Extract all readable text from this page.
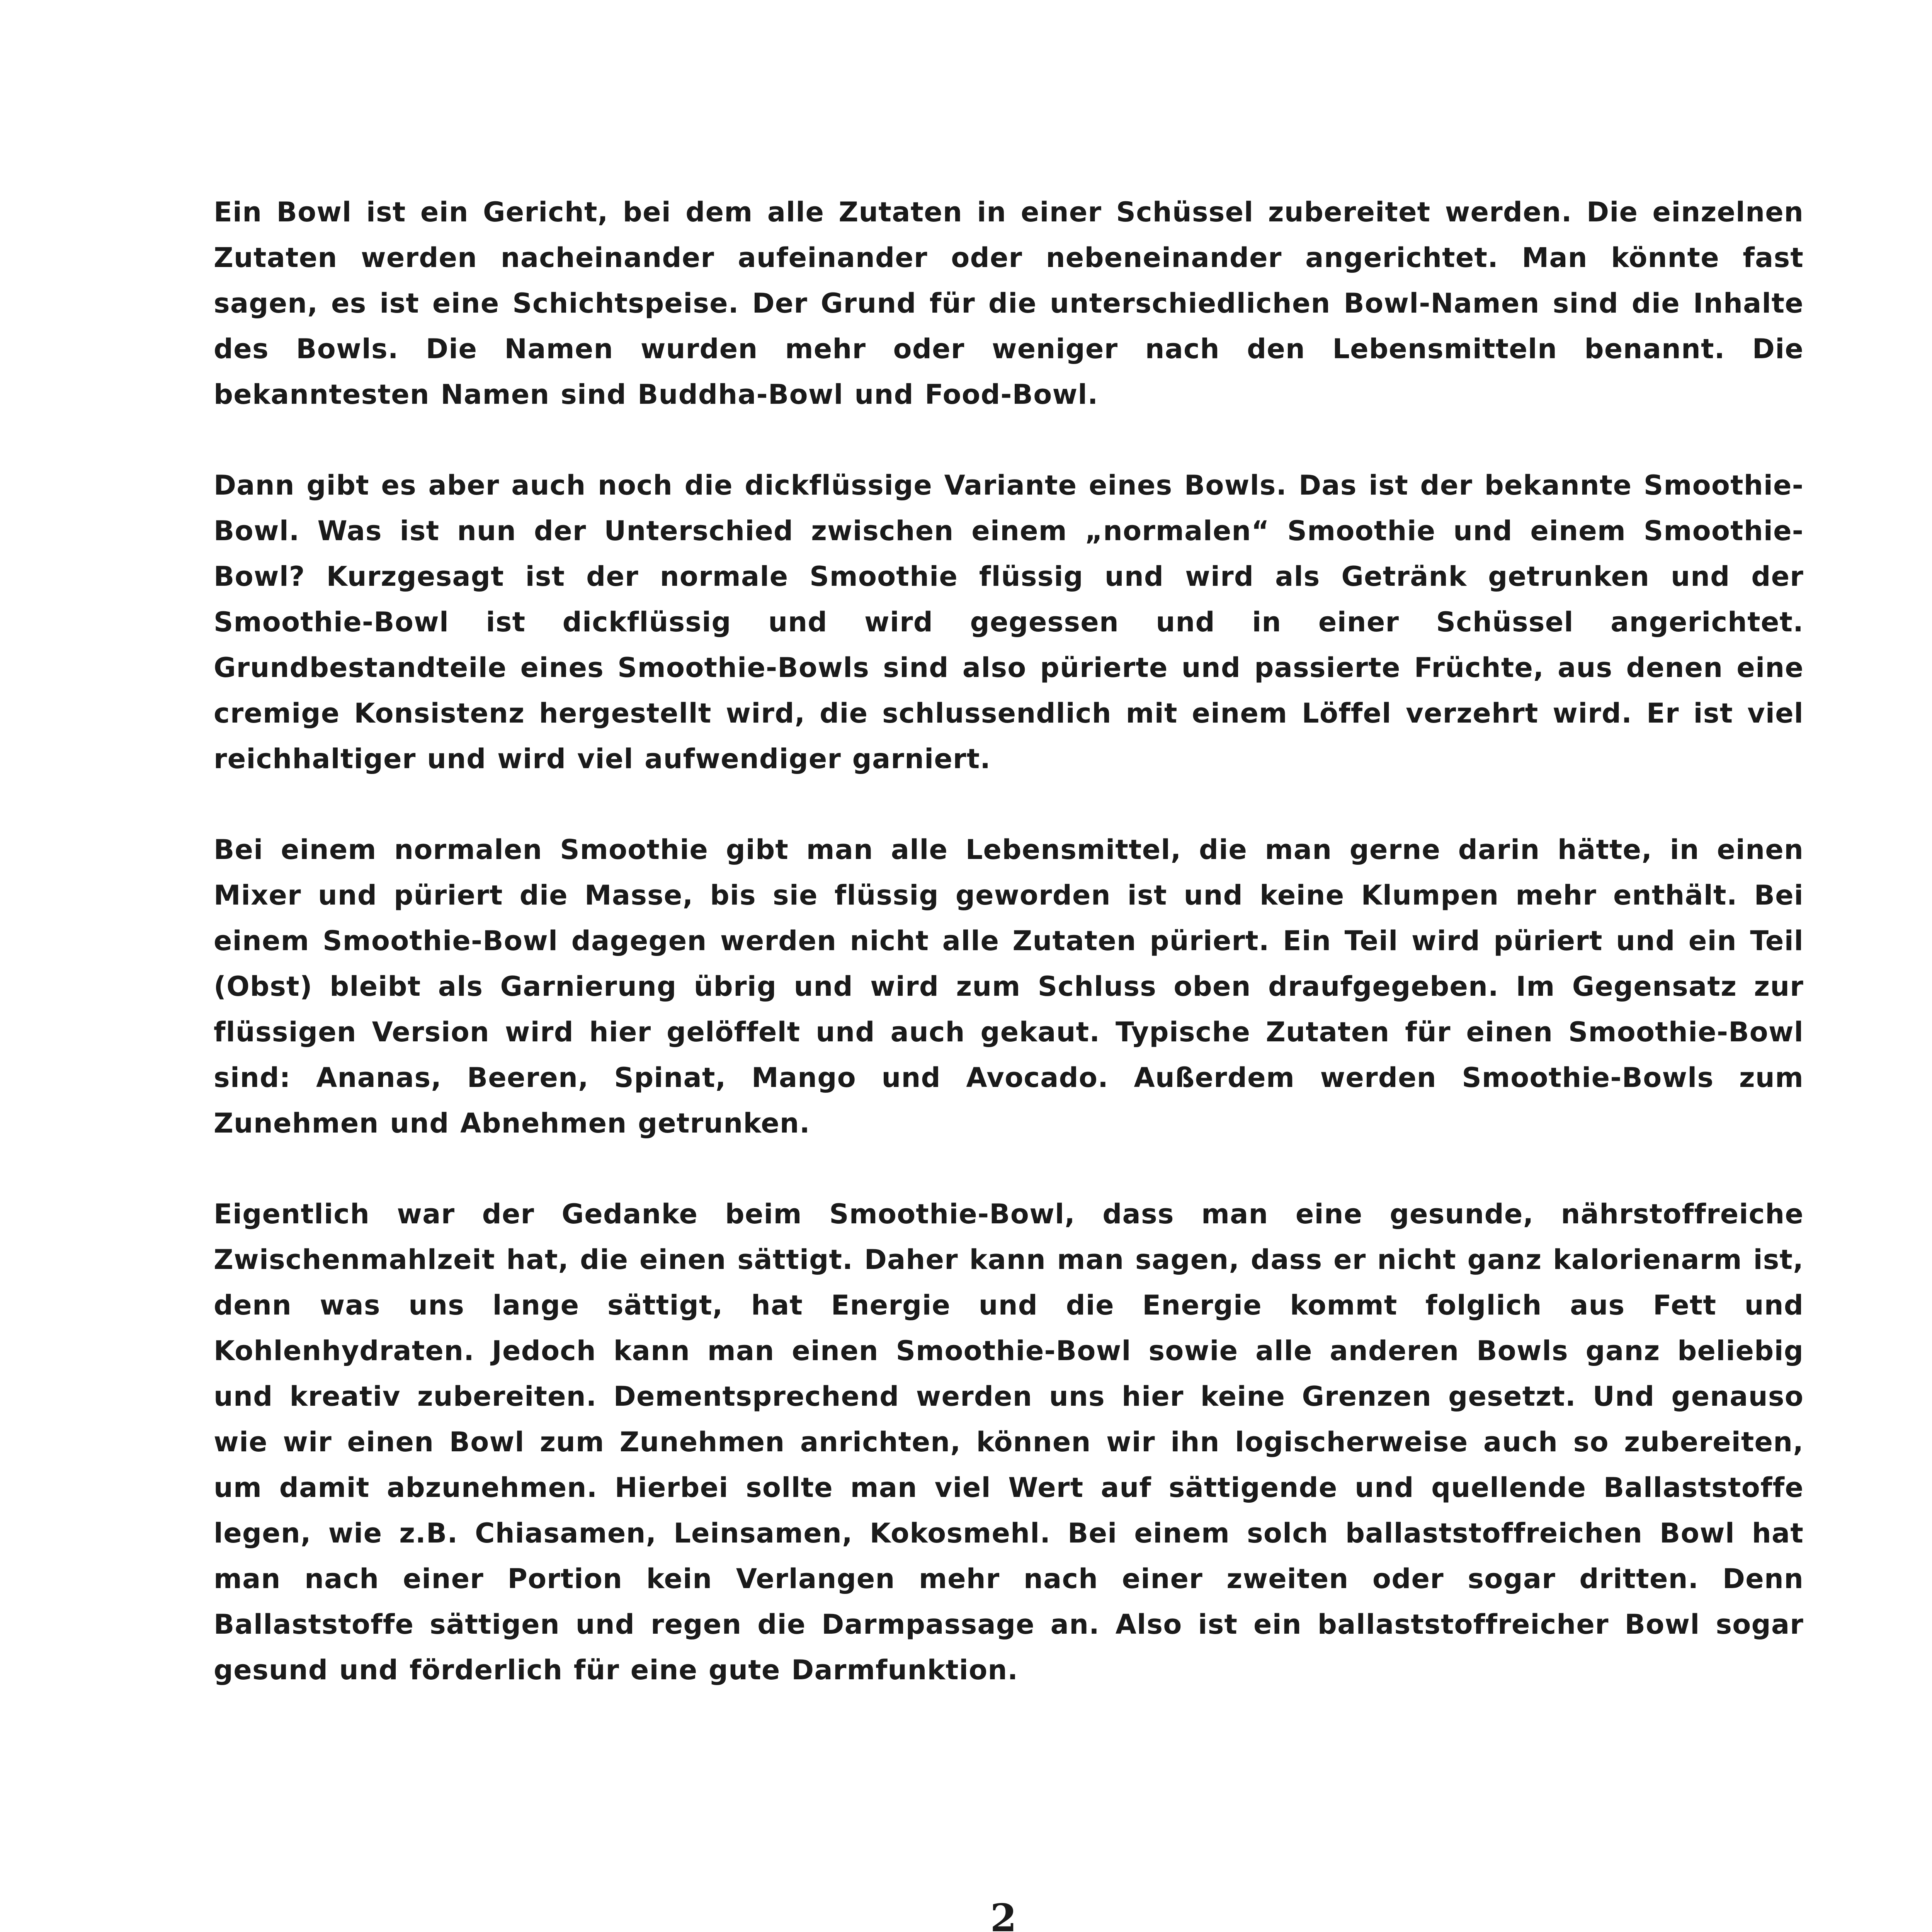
Ein Bowl ist ein Gericht, bei dem alle Zutaten in einer Schüssel zubereitet werden. Die einzelnen Zutaten werden nacheinander aufeinander oder nebeneinander angerichtet. Man könnte fast sagen, es ist eine Schichtspeise. Der Grund für die unterschiedlichen Bowl-Namen sind die Inhalte des Bowls. Die Namen wurden mehr oder weniger nach den Lebensmitteln benannt. Die bekanntesten Namen sind Buddha-Bowl und Food-Bowl.

Dann gibt es aber auch noch die dickflüssige Variante eines Bowls. Das ist der bekannte Smoothie-Bowl. Was ist nun der Unterschied zwischen einem „normalen“ Smoothie und einem Smoothie-Bowl? Kurzgesagt ist der normale Smoothie flüssig und wird als Getränk getrunken und der Smoothie-Bowl ist dickflüssig und wird gegessen und in einer Schüssel angerichtet. Grundbestandteile eines Smoothie-Bowls sind also pürierte und passierte Früchte, aus denen eine cremige Konsistenz hergestellt wird, die schlussendlich mit einem Löffel verzehrt wird. Er ist viel reichhaltiger und wird viel aufwendiger garniert.

Bei einem normalen Smoothie gibt man alle Lebensmittel, die man gerne darin hätte, in einen Mixer und püriert die Masse, bis sie flüssig geworden ist und keine Klumpen mehr enthält. Bei einem Smoothie-Bowl dagegen werden nicht alle Zutaten püriert. Ein Teil wird püriert und ein Teil (Obst) bleibt als Garnierung übrig und wird zum Schluss oben draufgegeben. Im Gegensatz zur flüssigen Version wird hier gelöffelt und auch gekaut. Typische Zutaten für einen Smoothie-Bowl sind: Ananas, Beeren, Spinat, Mango und Avocado. Außerdem werden Smoothie-Bowls zum Zunehmen und Abnehmen getrunken.

Eigentlich war der Gedanke beim Smoothie-Bowl, dass man eine gesunde, nährstoffreiche Zwischenmahlzeit hat, die einen sättigt. Daher kann man sagen, dass er nicht ganz kalorienarm ist, denn was uns lange sättigt, hat Energie und die Energie kommt folglich aus Fett und Kohlenhydraten. Jedoch kann man einen Smoothie-Bowl sowie alle anderen Bowls ganz beliebig und kreativ zubereiten. Dementsprechend werden uns hier keine Grenzen gesetzt. Und genauso wie wir einen Bowl zum Zunehmen anrichten, können wir ihn logischerweise auch so zubereiten, um damit abzunehmen. Hierbei sollte man viel Wert auf sättigende und quellende Ballaststoffe legen, wie z.B. Chiasamen, Leinsamen, Kokosmehl. Bei einem solch ballaststoffreichen Bowl hat man nach einer Portion kein Verlangen mehr nach einer zweiten oder sogar dritten. Denn Ballaststoffe sättigen und regen die Darmpassage an. Also ist ein ballaststoffreicher Bowl sogar gesund und förderlich für eine gute Darmfunktion.

2
